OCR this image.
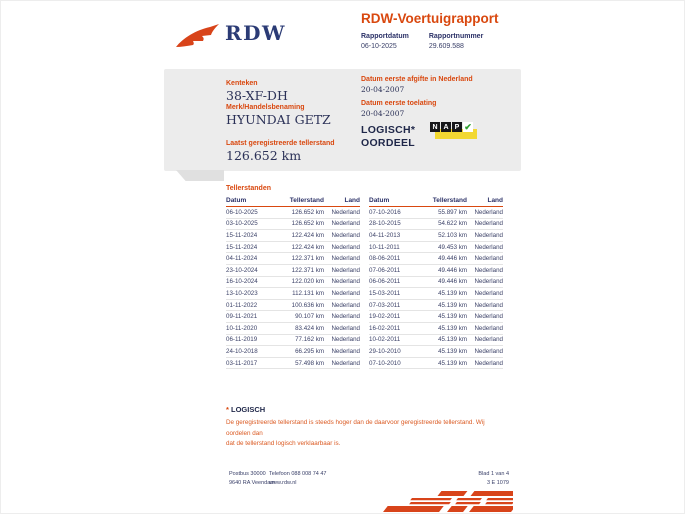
RDW
RDW-Voertuigrapport
Rapportdatum
06-10-2025
Rapportnummer
29.609.588
Kenteken
38-XF-DH
Merk/Handelsbenaming
HYUNDAI GETZ
Laatst geregistreerde tellerstand
126.652 km
Datum eerste afgifte in Nederland
20-04-2007
Datum eerste toelating
20-04-2007
LOGISCH*
OORDEEL
N A P ✔
Tellerstanden
Datum	Tellerstand	Land
06-10-2025	126.652 km	Nederland
03-10-2025	126.652 km	Nederland
15-11-2024	122.424 km	Nederland
15-11-2024	122.424 km	Nederland
04-11-2024	122.371 km	Nederland
23-10-2024	122.371 km	Nederland
16-10-2024	122.020 km	Nederland
13-10-2023	112.131 km	Nederland
01-11-2022	100.636 km	Nederland
09-11-2021	90.107 km	Nederland
10-11-2020	83.424 km	Nederland
06-11-2019	77.162 km	Nederland
24-10-2018	66.295 km	Nederland
03-11-2017	57.498 km	Nederland
Datum	Tellerstand	Land
07-10-2016	55.897 km	Nederland
28-10-2015	54.622 km	Nederland
04-11-2013	52.103 km	Nederland
10-11-2011	49.453 km	Nederland
08-06-2011	49.446 km	Nederland
07-06-2011	49.446 km	Nederland
06-06-2011	49.446 km	Nederland
15-03-2011	45.139 km	Nederland
07-03-2011	45.139 km	Nederland
19-02-2011	45.139 km	Nederland
16-02-2011	45.139 km	Nederland
10-02-2011	45.139 km	Nederland
29-10-2010	45.139 km	Nederland
07-10-2010	45.139 km	Nederland
* LOGISCH
De geregistreerde tellerstand is steeds hoger dan de daarvoor geregistreerde tellerstand. Wij oordelen dan
dat de tellerstand logisch verklaarbaar is.
Postbus 30000
9640 RA Veendam
Telefoon 088 008 74 47
www.rdw.nl
Blad 1 van 4
3 E 1079
